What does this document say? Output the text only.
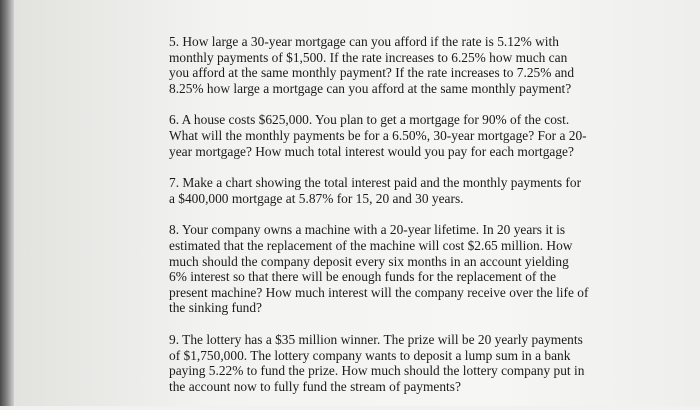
5. How large a 30-year mortgage can you afford if the rate is 5.12% with monthly payments of $1,500. If the rate increases to 6.25% how much can you afford at the same monthly payment? If the rate increases to 7.25% and 8.25% how large a mortgage can you afford at the same monthly payment?

6. A house costs $625,000. You plan to get a mortgage for 90% of the cost. What will the monthly payments be for a 6.50%, 30-year mortgage? For a 20-year mortgage? How much total interest would you pay for each mortgage?

7. Make a chart showing the total interest paid and the monthly payments for a $400,000 mortgage at 5.87% for 15, 20 and 30 years.

8. Your company owns a machine with a 20-year lifetime. In 20 years it is estimated that the replacement of the machine will cost $2.65 million. How much should the company deposit every six months in an account yielding 6% interest so that there will be enough funds for the replacement of the present machine? How much interest will the company receive over the life of the sinking fund?

9. The lottery has a $35 million winner. The prize will be 20 yearly payments of $1,750,000. The lottery company wants to deposit a lump sum in a bank paying 5.22% to fund the prize. How much should the lottery company put in the account now to fully fund the stream of payments?
